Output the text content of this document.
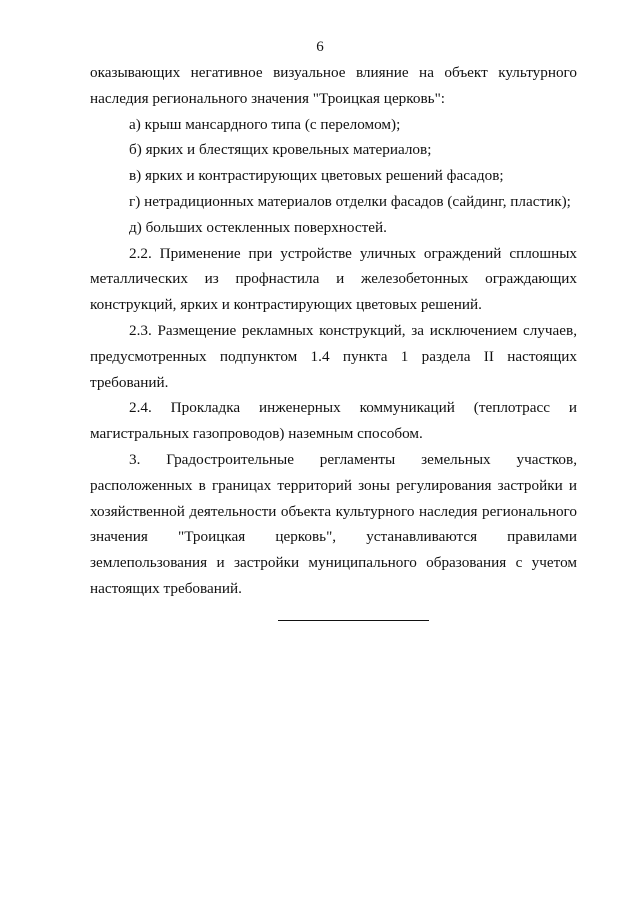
6

оказывающих негативное визуальное влияние на объект культурного наследия регионального значения "Троицкая церковь":

а) крыш мансардного типа (с переломом);

б) ярких и блестящих кровельных материалов;

в) ярких и контрастирующих цветовых решений фасадов;

г) нетрадиционных материалов отделки фасадов (сайдинг, пластик);

д) больших остекленных поверхностей.

2.2. Применение при устройстве уличных ограждений сплошных металлических из профнастила и железобетонных ограждающих конструкций, ярких и контрастирующих цветовых решений.

2.3. Размещение рекламных конструкций, за исключением случаев, предусмотренных подпунктом 1.4 пункта 1 раздела II настоящих требований.

2.4. Прокладка инженерных коммуникаций (теплотрасс и магистральных газопроводов) наземным способом.

3. Градостроительные регламенты земельных участков, расположенных в границах территорий зоны регулирования застройки и хозяйственной деятельности объекта культурного наследия регионального значения "Троицкая церковь", устанавливаются правилами землепользования и застройки муниципального образования с учетом настоящих требований.
